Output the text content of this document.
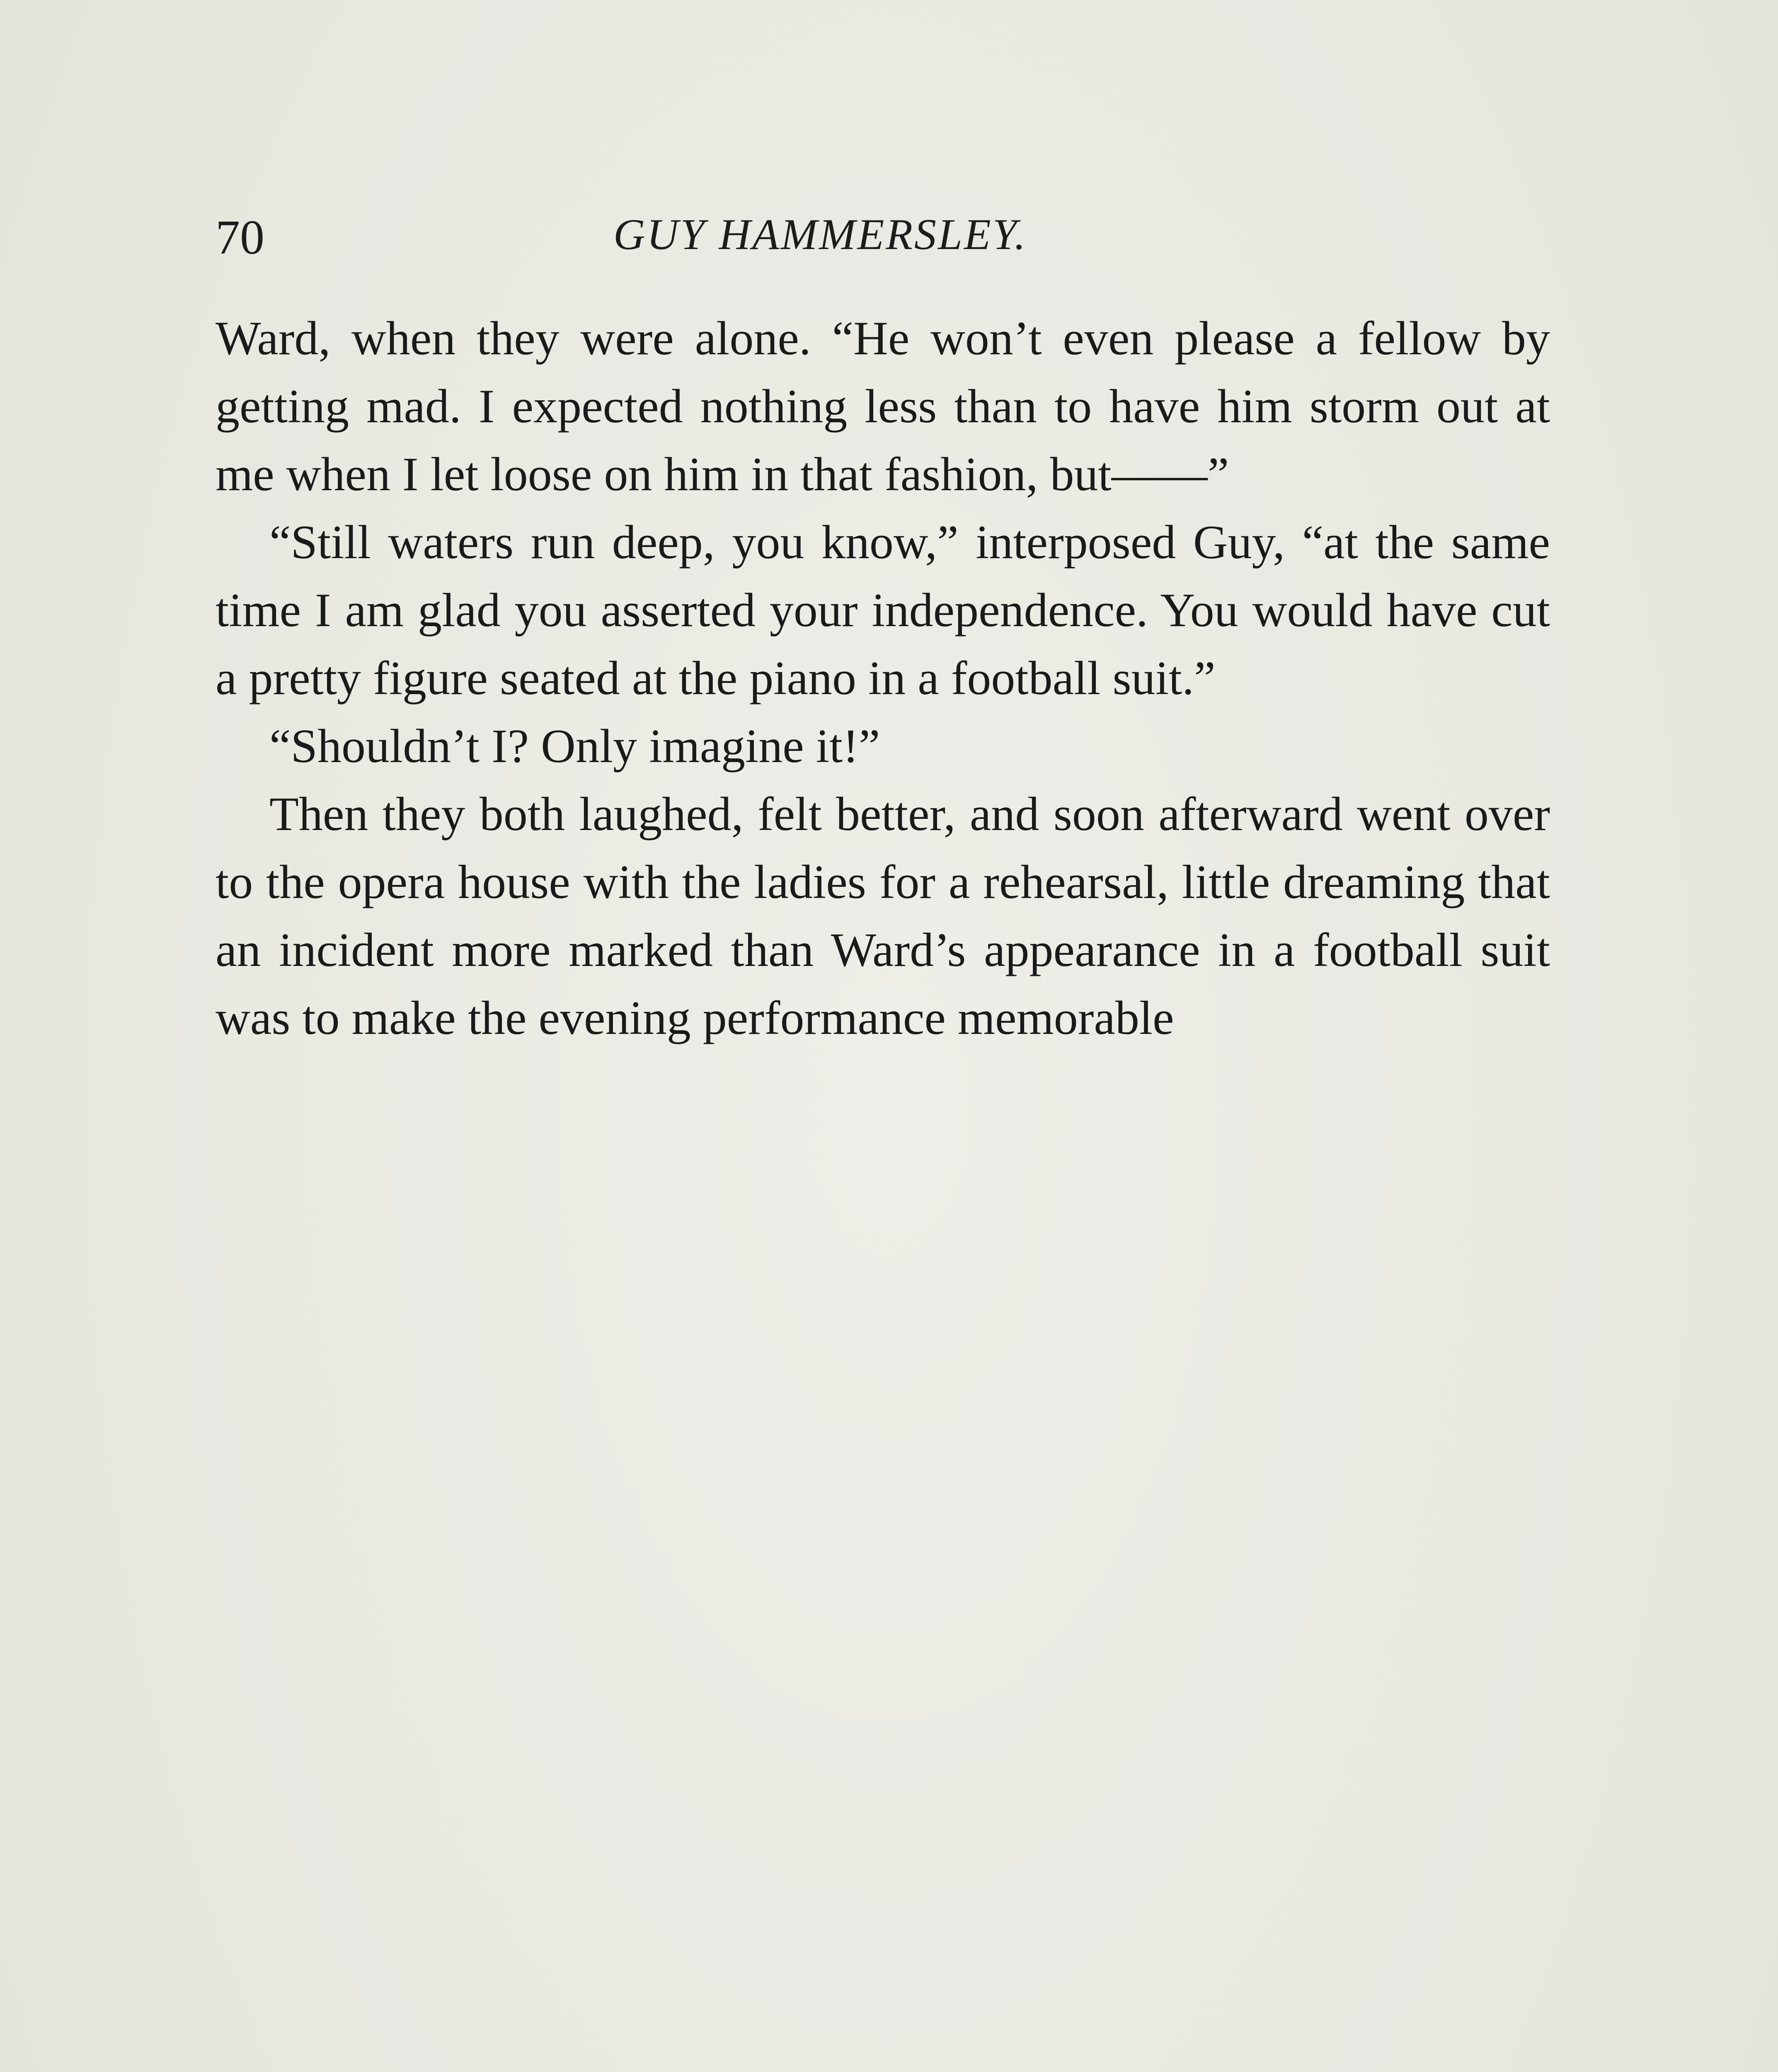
70	GUY HAMMERSLEY.

Ward, when they were alone. “He won’t even please a fellow by getting mad. I expected nothing less than to have him storm out at me when I let loose on him in that fashion, but——”

“Still waters run deep, you know,” interposed Guy, “at the same time I am glad you asserted your independence. You would have cut a pretty figure seated at the piano in a football suit.”

“Shouldn’t I? Only imagine it!”

Then they both laughed, felt better, and soon afterward went over to the opera house with the ladies for a rehearsal, little dreaming that an incident more marked than Ward’s appearance in a football suit was to make the evening performance memorable
